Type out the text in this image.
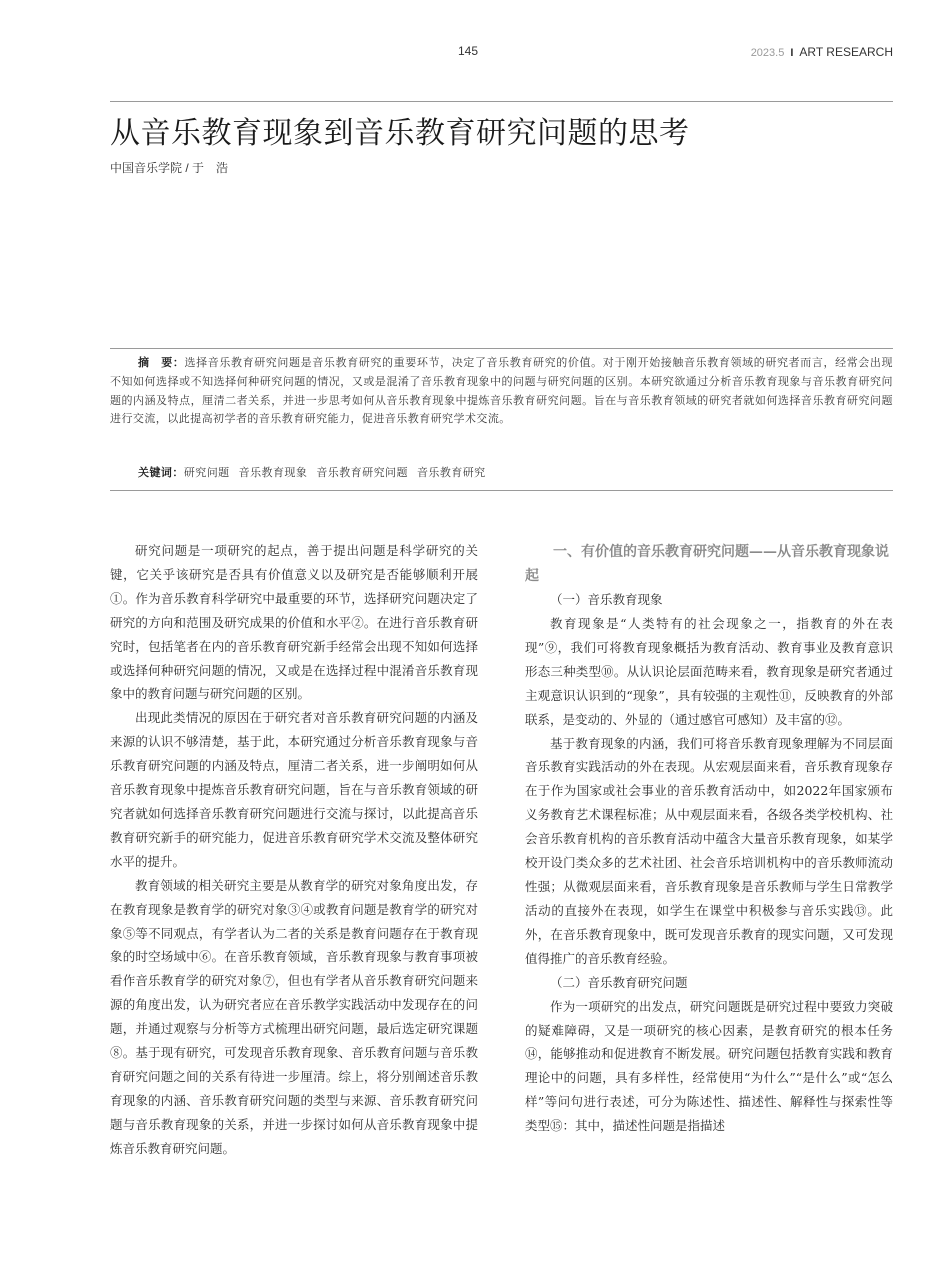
145	2023.5 I ART RESEARCH
从音乐教育现象到音乐教育研究问题的思考
中国音乐学院 / 于　浩

摘　要：选择音乐教育研究问题是音乐教育研究的重要环节，决定了音乐教育研究的价值。对于刚开始接触音乐教育领域的研究者而言，经常会出现不知如何选择或不知选择何种研究问题的情况，又或是混淆了音乐教育现象中的问题与研究问题的区别。本研究欲通过分析音乐教育现象与音乐教育研究问题的内涵及特点，厘清二者关系，并进一步思考如何从音乐教育现象中提炼音乐教育研究问题。旨在与音乐教育领域的研究者就如何选择音乐教育研究问题进行交流，以此提高初学者的音乐教育研究能力，促进音乐教育研究学术交流。

关键词：研究问题 音乐教育现象 音乐教育研究问题 音乐教育研究

研究问题是一项研究的起点，善于提出问题是科学研究的关键，它关乎该研究是否具有价值意义以及研究是否能够顺利开展①。作为音乐教育科学研究中最重要的环节，选择研究问题决定了研究的方向和范围及研究成果的价值和水平②。在进行音乐教育研究时，包括笔者在内的音乐教育研究新手经常会出现不知如何选择或选择何种研究问题的情况，又或是在选择过程中混淆音乐教育现象中的教育问题与研究问题的区别。

出现此类情况的原因在于研究者对音乐教育研究问题的内涵及来源的认识不够清楚，基于此，本研究通过分析音乐教育现象与音乐教育研究问题的内涵及特点，厘清二者关系，进一步阐明如何从音乐教育现象中提炼音乐教育研究问题，旨在与音乐教育领域的研究者就如何选择音乐教育研究问题进行交流与探讨，以此提高音乐教育研究新手的研究能力，促进音乐教育研究学术交流及整体研究水平的提升。

教育领域的相关研究主要是从教育学的研究对象角度出发，存在教育现象是教育学的研究对象③④或教育问题是教育学的研究对象⑤等不同观点，有学者认为二者的关系是教育问题存在于教育现象的时空场域中⑥。在音乐教育领域，音乐教育现象与教育事项被看作音乐教育学的研究对象⑦，但也有学者从音乐教育研究问题来源的角度出发，认为研究者应在音乐教学实践活动中发现存在的问题，并通过观察与分析等方式梳理出研究问题，最后选定研究课题⑧。基于现有研究，可发现音乐教育现象、音乐教育问题与音乐教育研究问题之间的关系有待进一步厘清。综上，将分别阐述音乐教育现象的内涵、音乐教育研究问题的类型与来源、音乐教育研究问题与音乐教育现象的关系，并进一步探讨如何从音乐教育现象中提炼音乐教育研究问题。

一、有价值的音乐教育研究问题——从音乐教育现象说起
（一）音乐教育现象

教育现象是“人类特有的社会现象之一，指教育的外在表现”⑨，我们可将教育现象概括为教育活动、教育事业及教育意识形态三种类型⑩。从认识论层面范畴来看，教育现象是研究者通过主观意识认识到的“现象”，具有较强的主观性⑪，反映教育的外部联系，是变动的、外显的（通过感官可感知）及丰富的⑫。

基于教育现象的内涵，我们可将音乐教育现象理解为不同层面音乐教育实践活动的外在表现。从宏观层面来看，音乐教育现象存在于作为国家或社会事业的音乐教育活动中，如2022年国家颁布义务教育艺术课程标准；从中观层面来看，各级各类学校机构、社会音乐教育机构的音乐教育活动中蕴含大量音乐教育现象，如某学校开设门类众多的艺术社团、社会音乐培训机构中的音乐教师流动性强；从微观层面来看，音乐教育现象是音乐教师与学生日常教学活动的直接外在表现，如学生在课堂中积极参与音乐实践⑬。此外，在音乐教育现象中，既可发现音乐教育的现实问题，又可发现值得推广的音乐教育经验。

（二）音乐教育研究问题

作为一项研究的出发点，研究问题既是研究过程中要致力突破的疑难障碍，又是一项研究的核心因素，是教育研究的根本任务⑭，能够推动和促进教育不断发展。研究问题包括教育实践和教育理论中的问题，具有多样性，经常使用“为什么”“是什么”或“怎么样”等问句进行表述，可分为陈述性、描述性、解释性与探索性等类型⑮：其中，描述性问题是指描述
